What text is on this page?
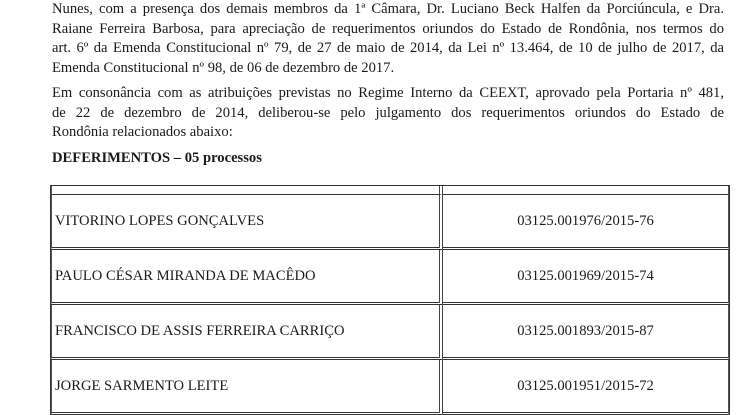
Nunes, com a presença dos demais membros da 1ª Câmara, Dr. Luciano Beck Halfen da Porciúncula, e Dra.
Raiane Ferreira Barbosa, para apreciação de requerimentos oriundos do Estado de Rondônia, nos termos do
art. 6º da Emenda Constitucional nº 79, de 27 de maio de 2014, da Lei nº 13.464, de 10 de julho de 2017, da
Emenda Constitucional nº 98, de 06 de dezembro de 2017.

Em consonância com as atribuições previstas no Regime Interno da CEEXT, aprovado pela Portaria nº 481,
de 22 de dezembro de 2014, deliberou-se pelo julgamento dos requerimentos oriundos do Estado de
Rondônia relacionados abaixo:

DEFERIMENTOS – 05 processos

VITORINO LOPES GONÇALVES	03125.001976/2015-76
PAULO CÉSAR MIRANDA DE MACÊDO	03125.001969/2015-74
FRANCISCO DE ASSIS FERREIRA CARRIÇO	03125.001893/2015-87
JORGE SARMENTO LEITE	03125.001951/2015-72
